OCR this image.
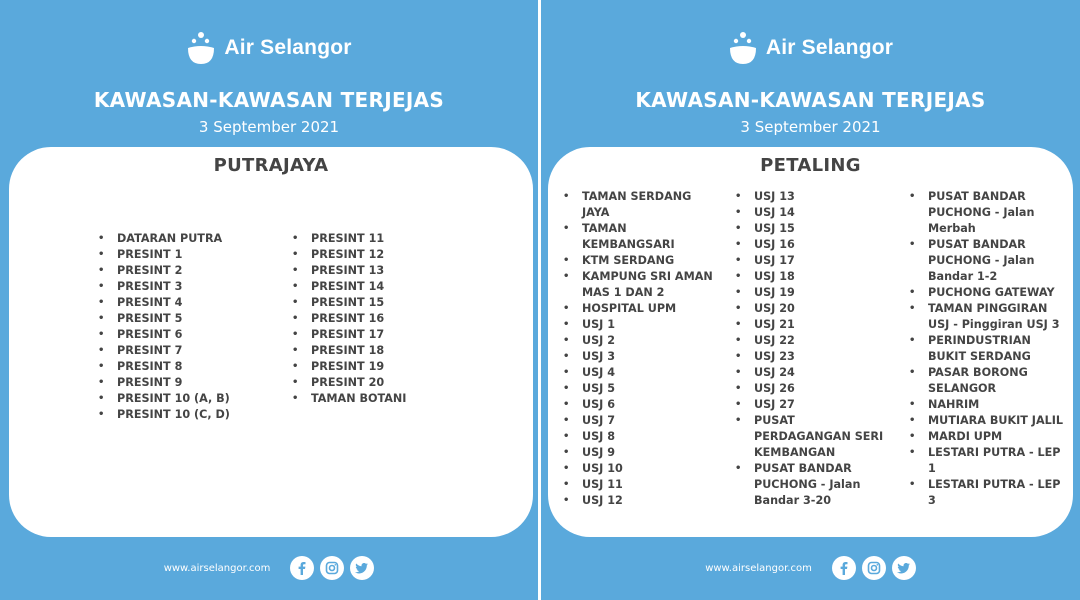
Air Selangor
KAWASAN-KAWASAN TERJEJAS
3 September 2021
PUTRAJAYA
• DATARAN PUTRA
• PRESINT 1
• PRESINT 2
• PRESINT 3
• PRESINT 4
• PRESINT 5
• PRESINT 6
• PRESINT 7
• PRESINT 8
• PRESINT 9
• PRESINT 10 (A, B)
• PRESINT 10 (C, D)
• PRESINT 11
• PRESINT 12
• PRESINT 13
• PRESINT 14
• PRESINT 15
• PRESINT 16
• PRESINT 17
• PRESINT 18
• PRESINT 19
• PRESINT 20
• TAMAN BOTANI
www.airselangor.com
Air Selangor
KAWASAN-KAWASAN TERJEJAS
3 September 2021
PETALING
• TAMAN SERDANG JAYA
• TAMAN KEMBANGSARI
• KTM SERDANG
• KAMPUNG SRI AMAN MAS 1 DAN 2
• HOSPITAL UPM
• USJ 1
• USJ 2
• USJ 3
• USJ 4
• USJ 5
• USJ 6
• USJ 7
• USJ 8
• USJ 9
• USJ 10
• USJ 11
• USJ 12
• USJ 13
• USJ 14
• USJ 15
• USJ 16
• USJ 17
• USJ 18
• USJ 19
• USJ 20
• USJ 21
• USJ 22
• USJ 23
• USJ 24
• USJ 26
• USJ 27
• PUSAT PERDAGANGAN SERI KEMBANGAN
• PUSAT BANDAR PUCHONG - Jalan Bandar 3-20
• PUSAT BANDAR PUCHONG - Jalan Merbah
• PUSAT BANDAR PUCHONG - Jalan Bandar 1-2
• PUCHONG GATEWAY
• TAMAN PINGGIRAN USJ - Pinggiran USJ 3
• PERINDUSTRIAN BUKIT SERDANG
• PASAR BORONG SELANGOR
• NAHRIM
• MUTIARA BUKIT JALIL
• MARDI UPM
• LESTARI PUTRA - LEP 1
• LESTARI PUTRA - LEP 3
www.airselangor.com
